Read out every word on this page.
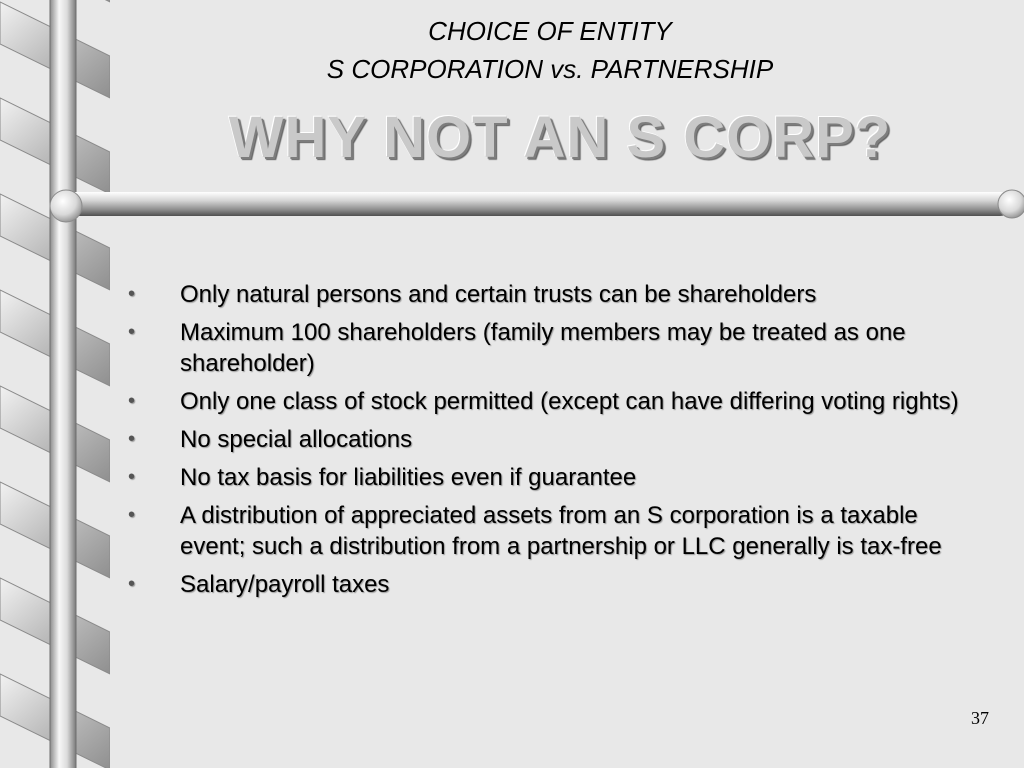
CHOICE OF ENTITY
S CORPORATION vs. PARTNERSHIP
WHY NOT AN S CORP?
•	Only natural persons and certain trusts can be shareholders
•	Maximum 100 shareholders (family members may be treated as one shareholder)
•	Only one class of stock permitted (except can have differing voting rights)
•	No special allocations
•	No tax basis for liabilities even if guarantee
•	A distribution of appreciated assets from an S corporation is a taxable event; such a distribution from a partnership or LLC generally is tax-free
•	Salary/payroll taxes
37
